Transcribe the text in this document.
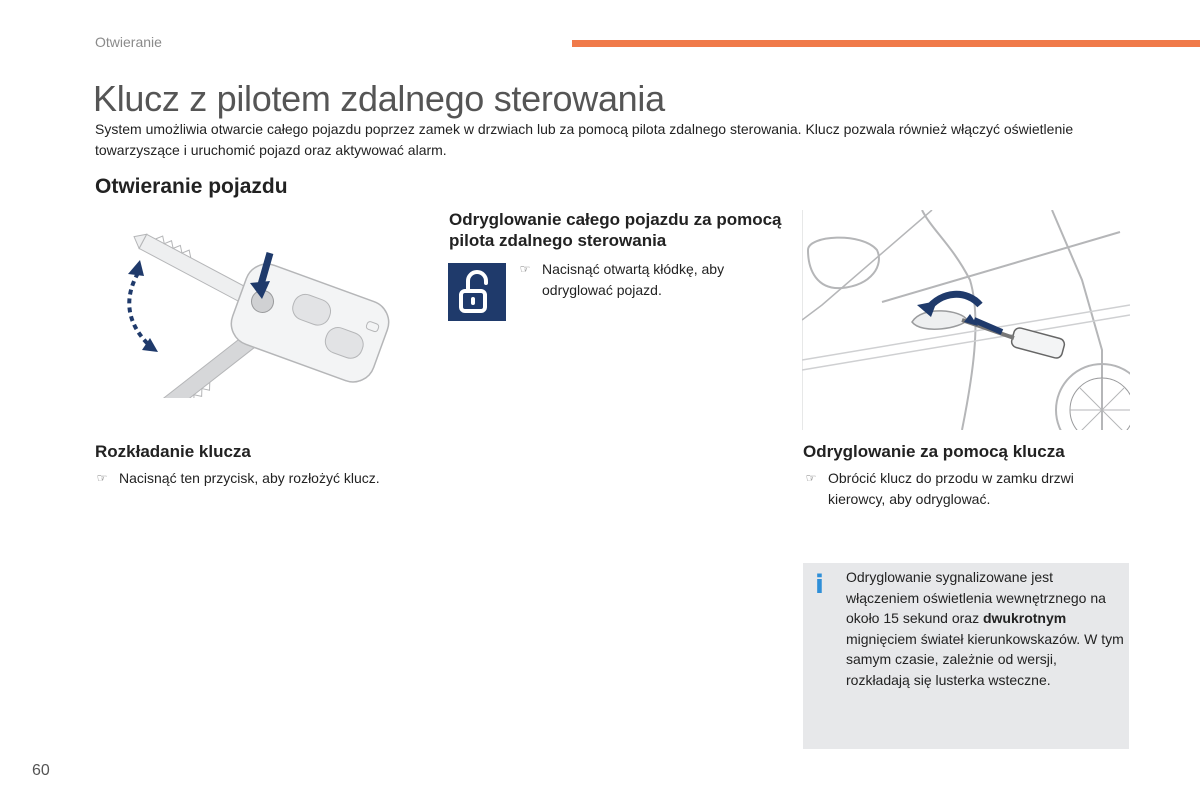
Otwieranie
Klucz z pilotem zdalnego sterowania

System umożliwia otwarcie całego pojazdu poprzez zamek w drzwiach lub za pomocą pilota zdalnego sterowania. Klucz pozwala również włączyć oświetlenie towarzyszące i uruchomić pojazd oraz aktywować alarm.

Otwieranie pojazdu
Odryglowanie całego pojazdu za pomocą pilota zdalnego sterowania
☞ Nacisnąć otwartą kłódkę, aby odryglować pojazd.
Rozkładanie klucza
☞ Nacisnąć ten przycisk, aby rozłożyć klucz.
Odryglowanie za pomocą klucza
☞ Obrócić klucz do przodu w zamku drzwi kierowcy, aby odryglować.
i Odryglowanie sygnalizowane jest włączeniem oświetlenia wewnętrznego na około 15 sekund oraz dwukrotnym mignięciem świateł kierunkowskazów. W tym samym czasie, zależnie od wersji, rozkładają się lusterka wsteczne.
60
